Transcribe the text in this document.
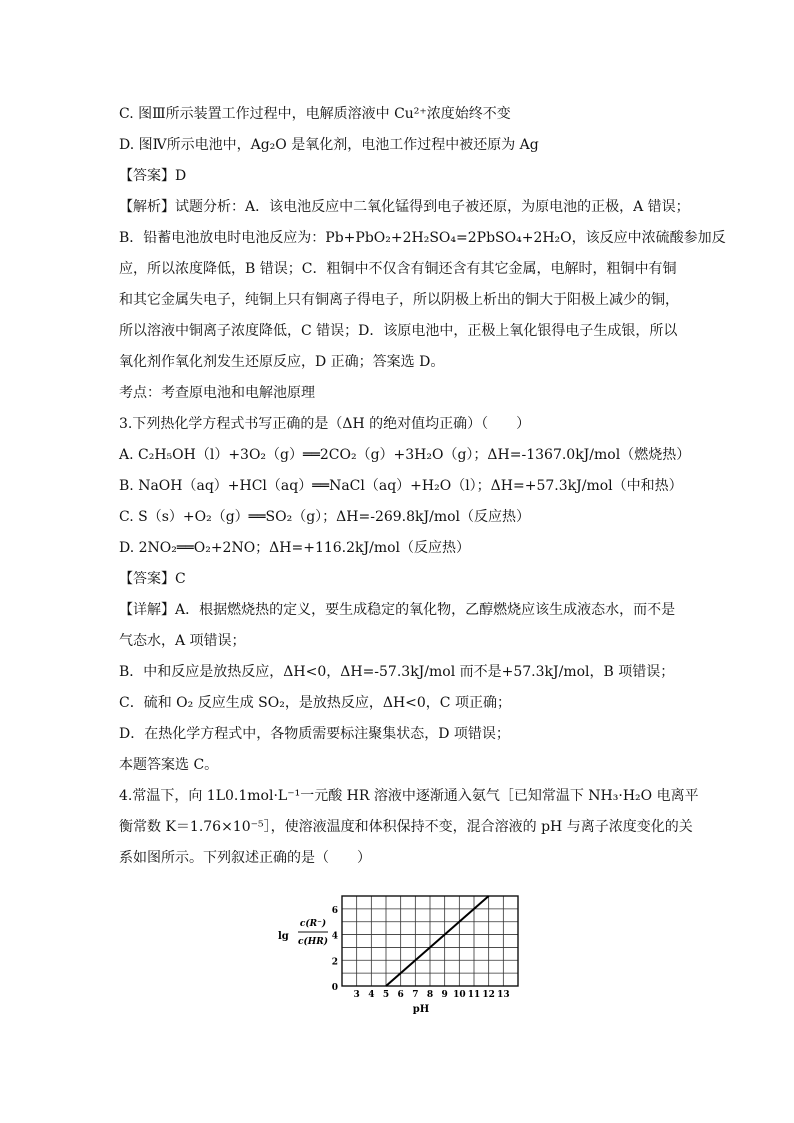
C. 图Ⅲ所示装置工作过程中，电解质溶液中 Cu²⁺浓度始终不变
D. 图Ⅳ所示电池中，Ag₂O 是氧化剂，电池工作过程中被还原为 Ag
【答案】D
【解析】试题分析：A．该电池反应中二氧化锰得到电子被还原，为原电池的正极，A 错误；
B．铅蓄电池放电时电池反应为：Pb+PbO₂+2H₂SO₄=2PbSO₄+2H₂O，该反应中浓硫酸参加反
应，所以浓度降低，B 错误；C．粗铜中不仅含有铜还含有其它金属，电解时，粗铜中有铜
和其它金属失电子，纯铜上只有铜离子得电子，所以阴极上析出的铜大于阳极上减少的铜，
所以溶液中铜离子浓度降低，C 错误；D．该原电池中，正极上氧化银得电子生成银，所以
氧化剂作氧化剂发生还原反应，D 正确；答案选 D。
考点：考查原电池和电解池原理
3.下列热化学方程式书写正确的是（ΔH 的绝对值均正确）（　　）
A. C₂H₅OH（l）+3O₂（g）══2CO₂（g）+3H₂O（g）；ΔH=-1367.0kJ/mol（燃烧热）
B. NaOH（aq）+HCl（aq）══NaCl（aq）+H₂O（l）；ΔH=+57.3kJ/mol（中和热）
C. S（s）+O₂（g）══SO₂（g）；ΔH=-269.8kJ/mol（反应热）
D. 2NO₂══O₂+2NO；ΔH=+116.2kJ/mol（反应热）
【答案】C
【详解】A．根据燃烧热的定义，要生成稳定的氧化物，乙醇燃烧应该生成液态水，而不是
气态水，A 项错误；
B．中和反应是放热反应，ΔH<0，ΔH=-57.3kJ/mol 而不是+57.3kJ/mol，B 项错误；
C．硫和 O₂ 反应生成 SO₂，是放热反应，ΔH<0，C 项正确；
D．在热化学方程式中，各物质需要标注聚集状态，D 项错误；
本题答案选 C。
4.常温下，向 1L0.1mol·L⁻¹一元酸 HR 溶液中逐渐通入氨气［已知常温下 NH₃·H₂O 电离平
衡常数 K＝1.76×10⁻⁵］，使溶液温度和体积保持不变，混合溶液的 pH 与离子浓度变化的关
系如图所示。下列叙述正确的是（　　）
3 4 5 6 7 8 9 10 11 12 13
0
2
4
6
lg
c(R⁻)
c(HR)
pH
